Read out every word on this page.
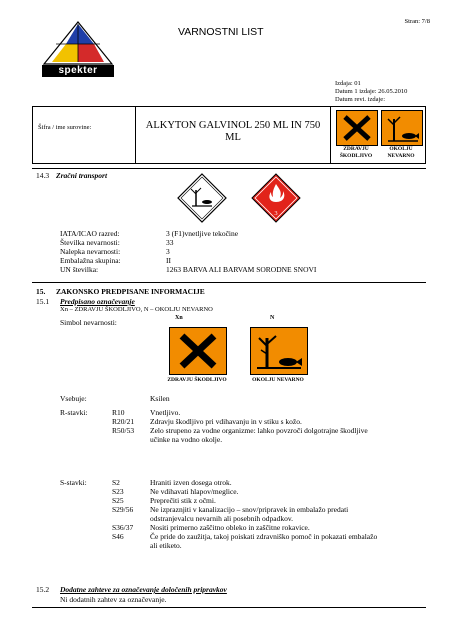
Stran: 7/8
spekter
VARNOSTNI LIST
Izdaja: 01
Datum 1 izdaje: 26.05.2010
Datum revi. izdaje:
Šifra / ime surovine:	ALKYTON GALVINOL 250 ML IN 750 ML
ZDRAVJU
ŠKODLJIVO
OKOLJU
NEVARNO
14.3 Zračni transport
3
IATA/ICAO razred:	3 (F1)vnetljive tekočine
Številka nevarnosti:	33
Nalepka nevarnosti:	3
Embalažna skupina:	II
UN številka:	1263 BARVA ALI BARVAM SORODNE SNOVI
15. ZAKONSKO PREDPISANE INFORMACIJE
15.1 Predpisano označevanje
Xn – ZDRAVJU ŠKODLJIVO, N – OKOLJU NEVARNO
Simbol nevarnosti:	Xn	N
ZDRAVJU ŠKODLJIVO	OKOLJU NEVARNO
Vsebuje:	Ksilen
R-stavki:	R10	Vnetljivo.
R20/21	Zdravju škodljivo pri vdihavanju in v stiku s kožo.
R50/53	Zelo strupeno za vodne organizme: lahko povzroči dolgotrajne škodljive učinke na vodno okolje.
S-stavki:	S2	Hraniti izven dosega otrok.
S23	Ne vdihavati hlapov/meglice.
S25	Preprečiti stik z očmi.
S29/56	Ne izpraznjiti v kanalizacijo – snov/pripravek in embalažo predati odstranjevalcu nevarnih ali posebnih odpadkov.
S36/37	Nositi primerno zaščitno obleko in zaščitne rokavice.
S46	Če pride do zaužitja, takoj poiskati zdravniško pomoč in pokazati embalažo ali etiketo.
15.2 Dodatne zahteve za označevanje določenih pripravkov
Ni dodatnih zahtev za označevanje.
